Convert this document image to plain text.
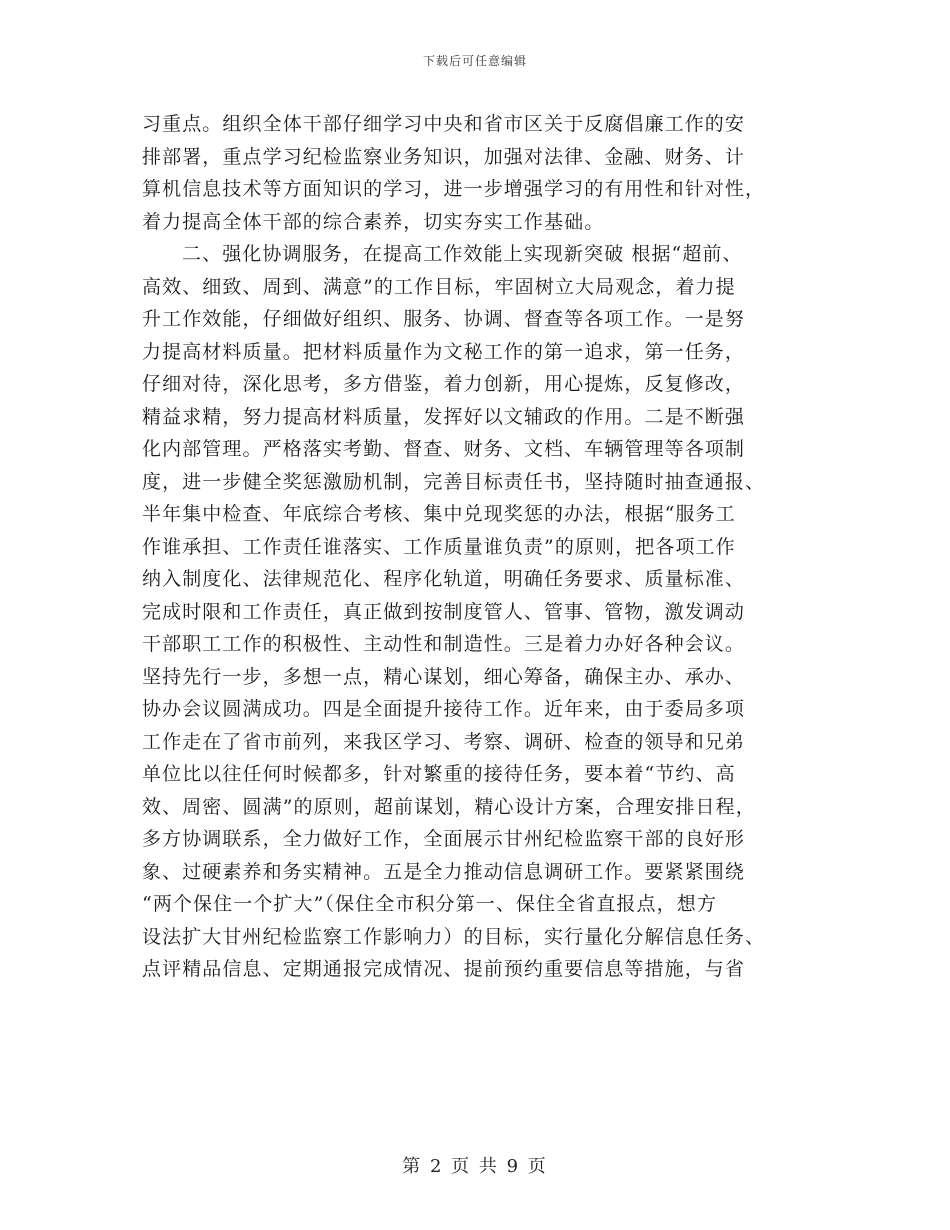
下载后可任意编辑
习重点。组织全体干部仔细学习中央和省市区关于反腐倡廉工作的安
排部署，重点学习纪检监察业务知识，加强对法律、金融、财务、计
算机信息技术等方面知识的学习，进一步增强学习的有用性和针对性，
着力提高全体干部的综合素养，切实夯实工作基础。
二、强化协调服务，在提高工作效能上实现新突破 根据“超前、
高效、细致、周到、满意”的工作目标，牢固树立大局观念，着力提
升工作效能，仔细做好组织、服务、协调、督查等各项工作。一是努
力提高材料质量。把材料质量作为文秘工作的第一追求，第一任务，
仔细对待，深化思考，多方借鉴，着力创新，用心提炼，反复修改，
精益求精，努力提高材料质量，发挥好以文辅政的作用。二是不断强
化内部管理。严格落实考勤、督查、财务、文档、车辆管理等各项制
度，进一步健全奖惩激励机制，完善目标责任书，坚持随时抽查通报、
半年集中检查、年底综合考核、集中兑现奖惩的办法，根据“服务工
作谁承担、工作责任谁落实、工作质量谁负责”的原则，把各项工作
纳入制度化、法律规范化、程序化轨道，明确任务要求、质量标准、
完成时限和工作责任，真正做到按制度管人、管事、管物，激发调动
干部职工工作的积极性、主动性和制造性。三是着力办好各种会议。
坚持先行一步，多想一点，精心谋划，细心筹备，确保主办、承办、
协办会议圆满成功。四是全面提升接待工作。近年来，由于委局多项
工作走在了省市前列，来我区学习、考察、调研、检查的领导和兄弟
单位比以往任何时候都多，针对繁重的接待任务，要本着“节约、高
效、周密、圆满”的原则，超前谋划，精心设计方案，合理安排日程，
多方协调联系，全力做好工作，全面展示甘州纪检监察干部的良好形
象、过硬素养和务实精神。五是全力推动信息调研工作。要紧紧围绕
“两个保住一个扩大”（保住全市积分第一、保住全省直报点，想方
设法扩大甘州纪检监察工作影响力）的目标，实行量化分解信息任务、
点评精品信息、定期通报完成情况、提前预约重要信息等措施，与省
第 2 页 共 9 页
